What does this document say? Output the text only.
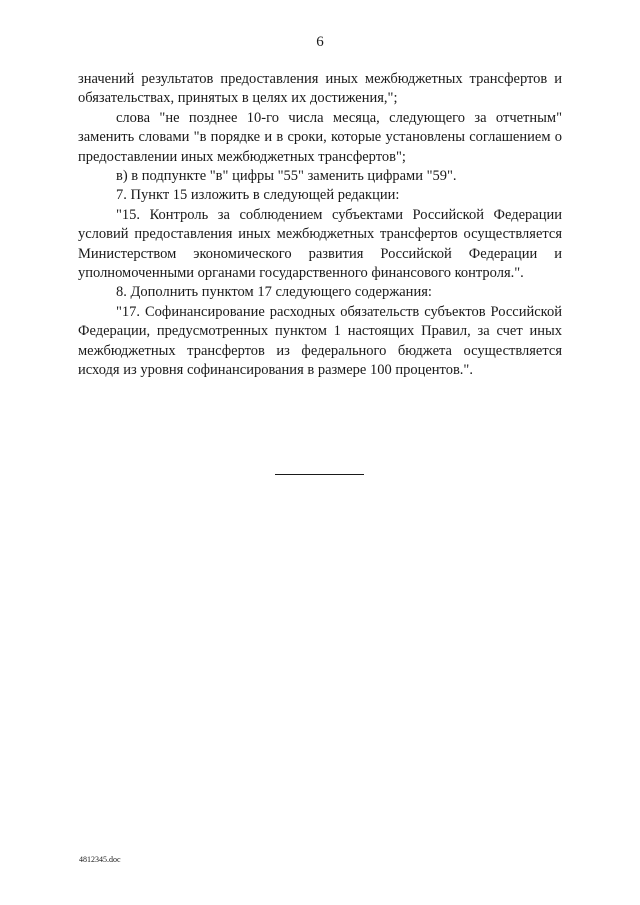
6

значений результатов предоставления иных межбюджетных трансфертов и обязательствах, принятых в целях их достижения,";

слова "не позднее 10-го числа месяца, следующего за отчетным" заменить словами "в порядке и в сроки, которые установлены соглашением о предоставлении иных межбюджетных трансфертов";

в) в подпункте "в" цифры "55" заменить цифрами "59".

7. Пункт 15 изложить в следующей редакции:

"15. Контроль за соблюдением субъектами Российской Федерации условий предоставления иных межбюджетных трансфертов осуществляется Министерством экономического развития Российской Федерации и уполномоченными органами государственного финансового контроля.".

8. Дополнить пунктом 17 следующего содержания:

"17. Софинансирование расходных обязательств субъектов Российской Федерации, предусмотренных пунктом 1 настоящих Правил, за счет иных межбюджетных трансфертов из федерального бюджета осуществляется исходя из уровня софинансирования в размере 100 процентов.".

4812345.doc
